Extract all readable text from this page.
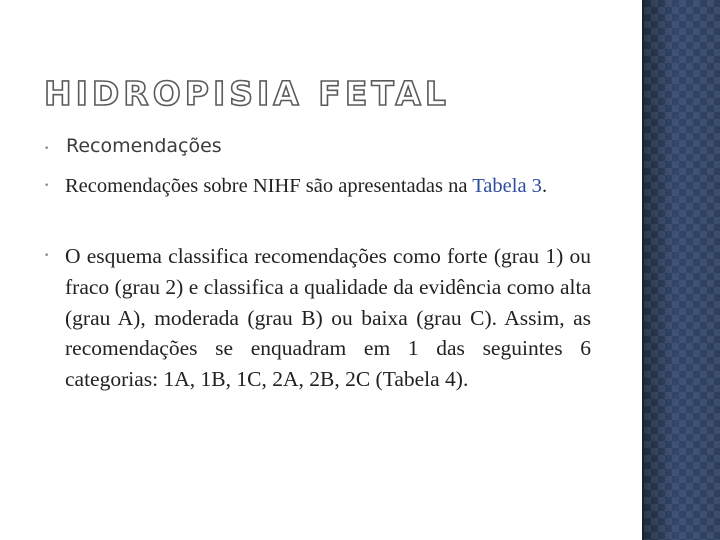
HIDROPISIA FETAL
• Recomendações
• Recomendações sobre NIHF são apresentadas na Tabela 3.

• O esquema classifica recomendações como forte (grau 1) ou fraco (grau 2) e classifica a qualidade da evidência como alta (grau A), moderada (grau B) ou baixa (grau C). Assim, as recomendações se enquadram em 1 das seguintes 6 categorias: 1A, 1B, 1C, 2A, 2B, 2C (Tabela 4).
